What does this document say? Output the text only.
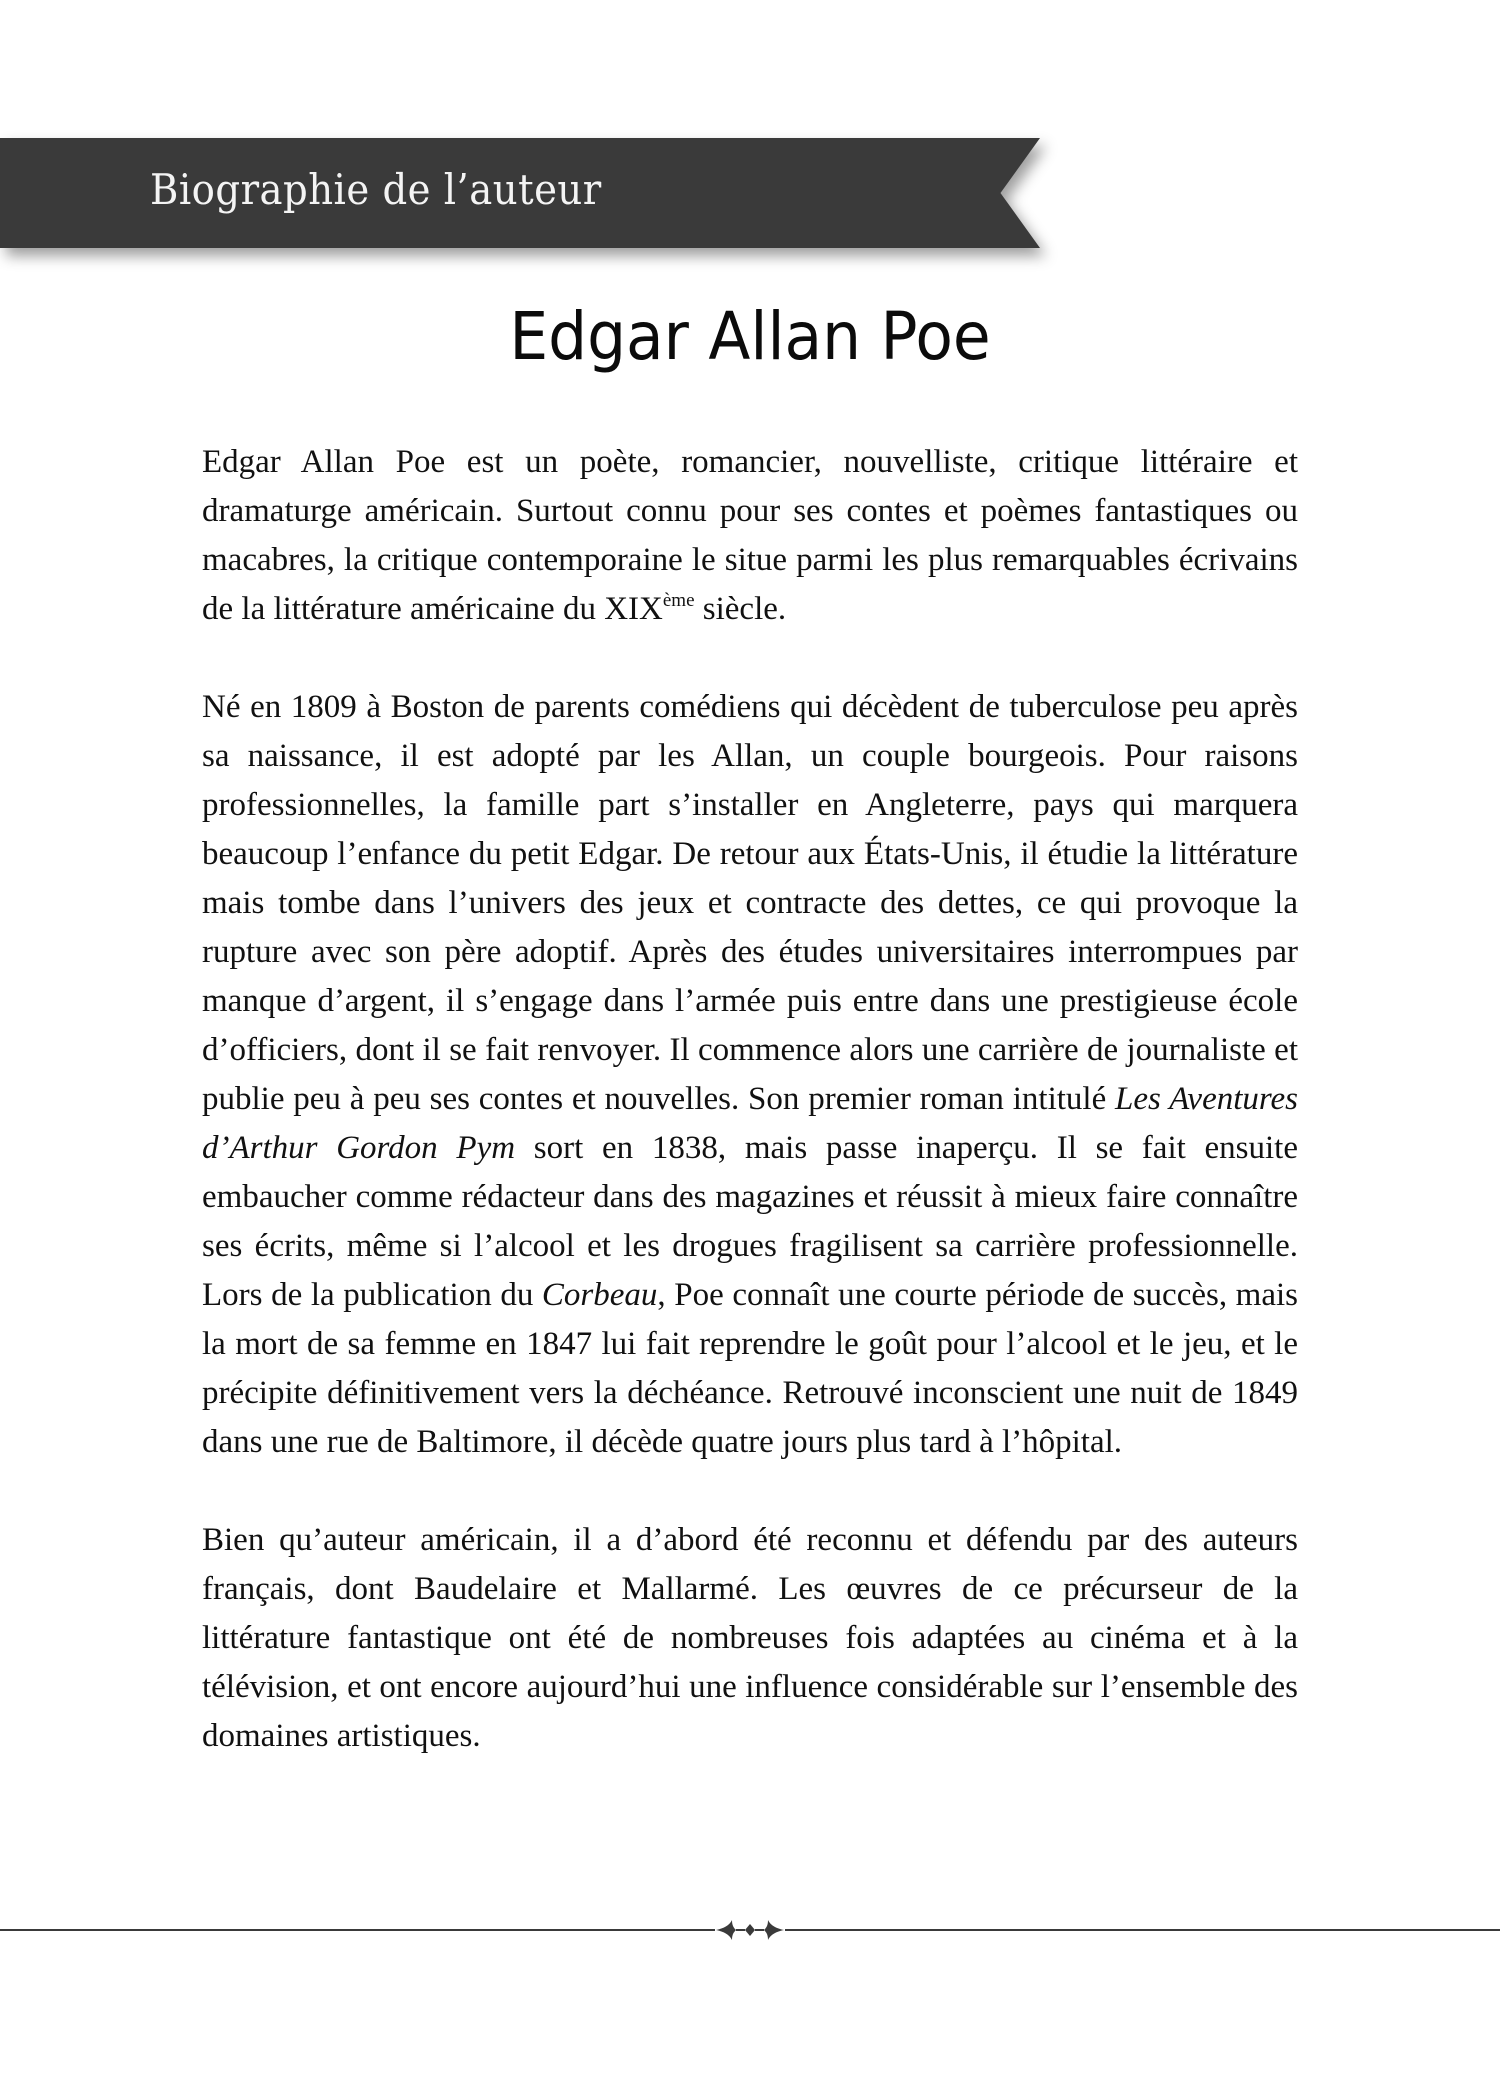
Biographie de l’auteur
Edgar Allan Poe

Edgar Allan Poe est un poète, romancier, nouvelliste, critique littéraire et dramaturge américain. Surtout connu pour ses contes et poèmes fantastiques ou macabres, la critique contemporaine le situe parmi les plus remarquables écrivains de la littérature américaine du XIXème siècle.

Né en 1809 à Boston de parents comédiens qui décèdent de tuberculose peu après sa naissance, il est adopté par les Allan, un couple bourgeois. Pour raisons professionnelles, la famille part s’installer en Angleterre, pays qui marquera beaucoup l’enfance du petit Edgar. De retour aux États-Unis, il étudie la littérature mais tombe dans l’univers des jeux et contracte des dettes, ce qui provoque la rupture avec son père adoptif. Après des études universitaires interrompues par manque d’argent, il s’engage dans l’armée puis entre dans une prestigieuse école d’officiers, dont il se fait renvoyer. Il commence alors une carrière de journaliste et publie peu à peu ses contes et nouvelles. Son premier roman intitulé Les Aventures d’Arthur Gordon Pym sort en 1838, mais passe inaperçu. Il se fait ensuite embaucher comme rédacteur dans des magazines et réussit à mieux faire connaître ses écrits, même si l’alcool et les drogues fragilisent sa carrière professionnelle. Lors de la publication du Corbeau, Poe connaît une courte période de succès, mais la mort de sa femme en 1847 lui fait reprendre le goût pour l’alcool et le jeu, et le précipite définitivement vers la déchéance. Retrouvé inconscient une nuit de 1849 dans une rue de Baltimore, il décède quatre jours plus tard à l’hôpital.

Bien qu’auteur américain, il a d’abord été reconnu et défendu par des auteurs français, dont Baudelaire et Mallarmé. Les œuvres de ce précurseur de la littérature fantastique ont été de nombreuses fois adaptées au cinéma et à la télévision, et ont encore aujourd’hui une influence considérable sur l’ensemble des domaines artistiques.
